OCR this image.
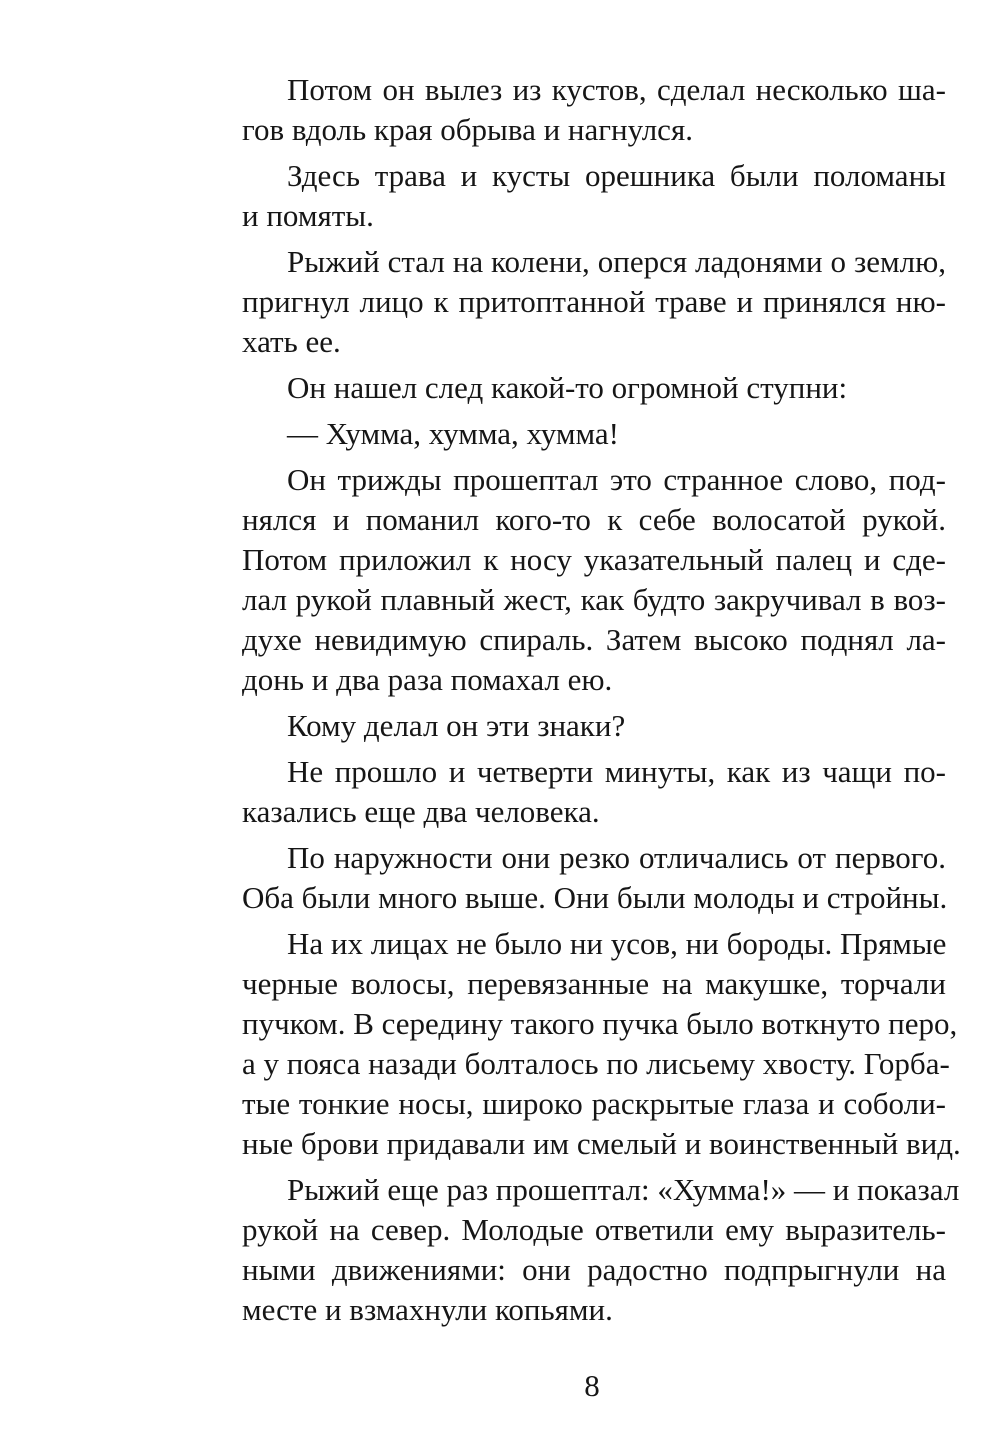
Потом он вылез из кустов, сделал несколько ша-
гов вдоль края обрыва и нагнулся.
Здесь трава и кусты орешника были поломаны
и помяты.
Рыжий стал на колени, оперся ладонями о землю,
пригнул лицо к притоптанной траве и принялся ню-
хать ее.
Он нашел след какой-то огромной ступни:
— Хумма, хумма, хумма!
Он трижды прошептал это странное слово, под-
нялся и поманил кого-то к себе волосатой рукой.
Потом приложил к носу указательный палец и сде-
лал рукой плавный жест, как будто закручивал в воз-
духе невидимую спираль. Затем высоко поднял ла-
донь и два раза помахал ею.
Кому делал он эти знаки?
Не прошло и четверти минуты, как из чащи по-
казались еще два человека.
По наружности они резко отличались от первого.
Оба были много выше. Они были молоды и стройны.
На их лицах не было ни усов, ни бороды. Прямые
черные волосы, перевязанные на макушке, торчали
пучком. В середину такого пучка было воткнуто перо,
а у пояса назади болталось по лисьему хвосту. Горба-
тые тонкие носы, широко раскрытые глаза и соболи-
ные брови придавали им смелый и воинственный вид.
Рыжий еще раз прошептал: «Хумма!» — и показал
рукой на север. Молодые ответили ему выразитель-
ными движениями: они радостно подпрыгнули на
месте и взмахнули копьями.
8
